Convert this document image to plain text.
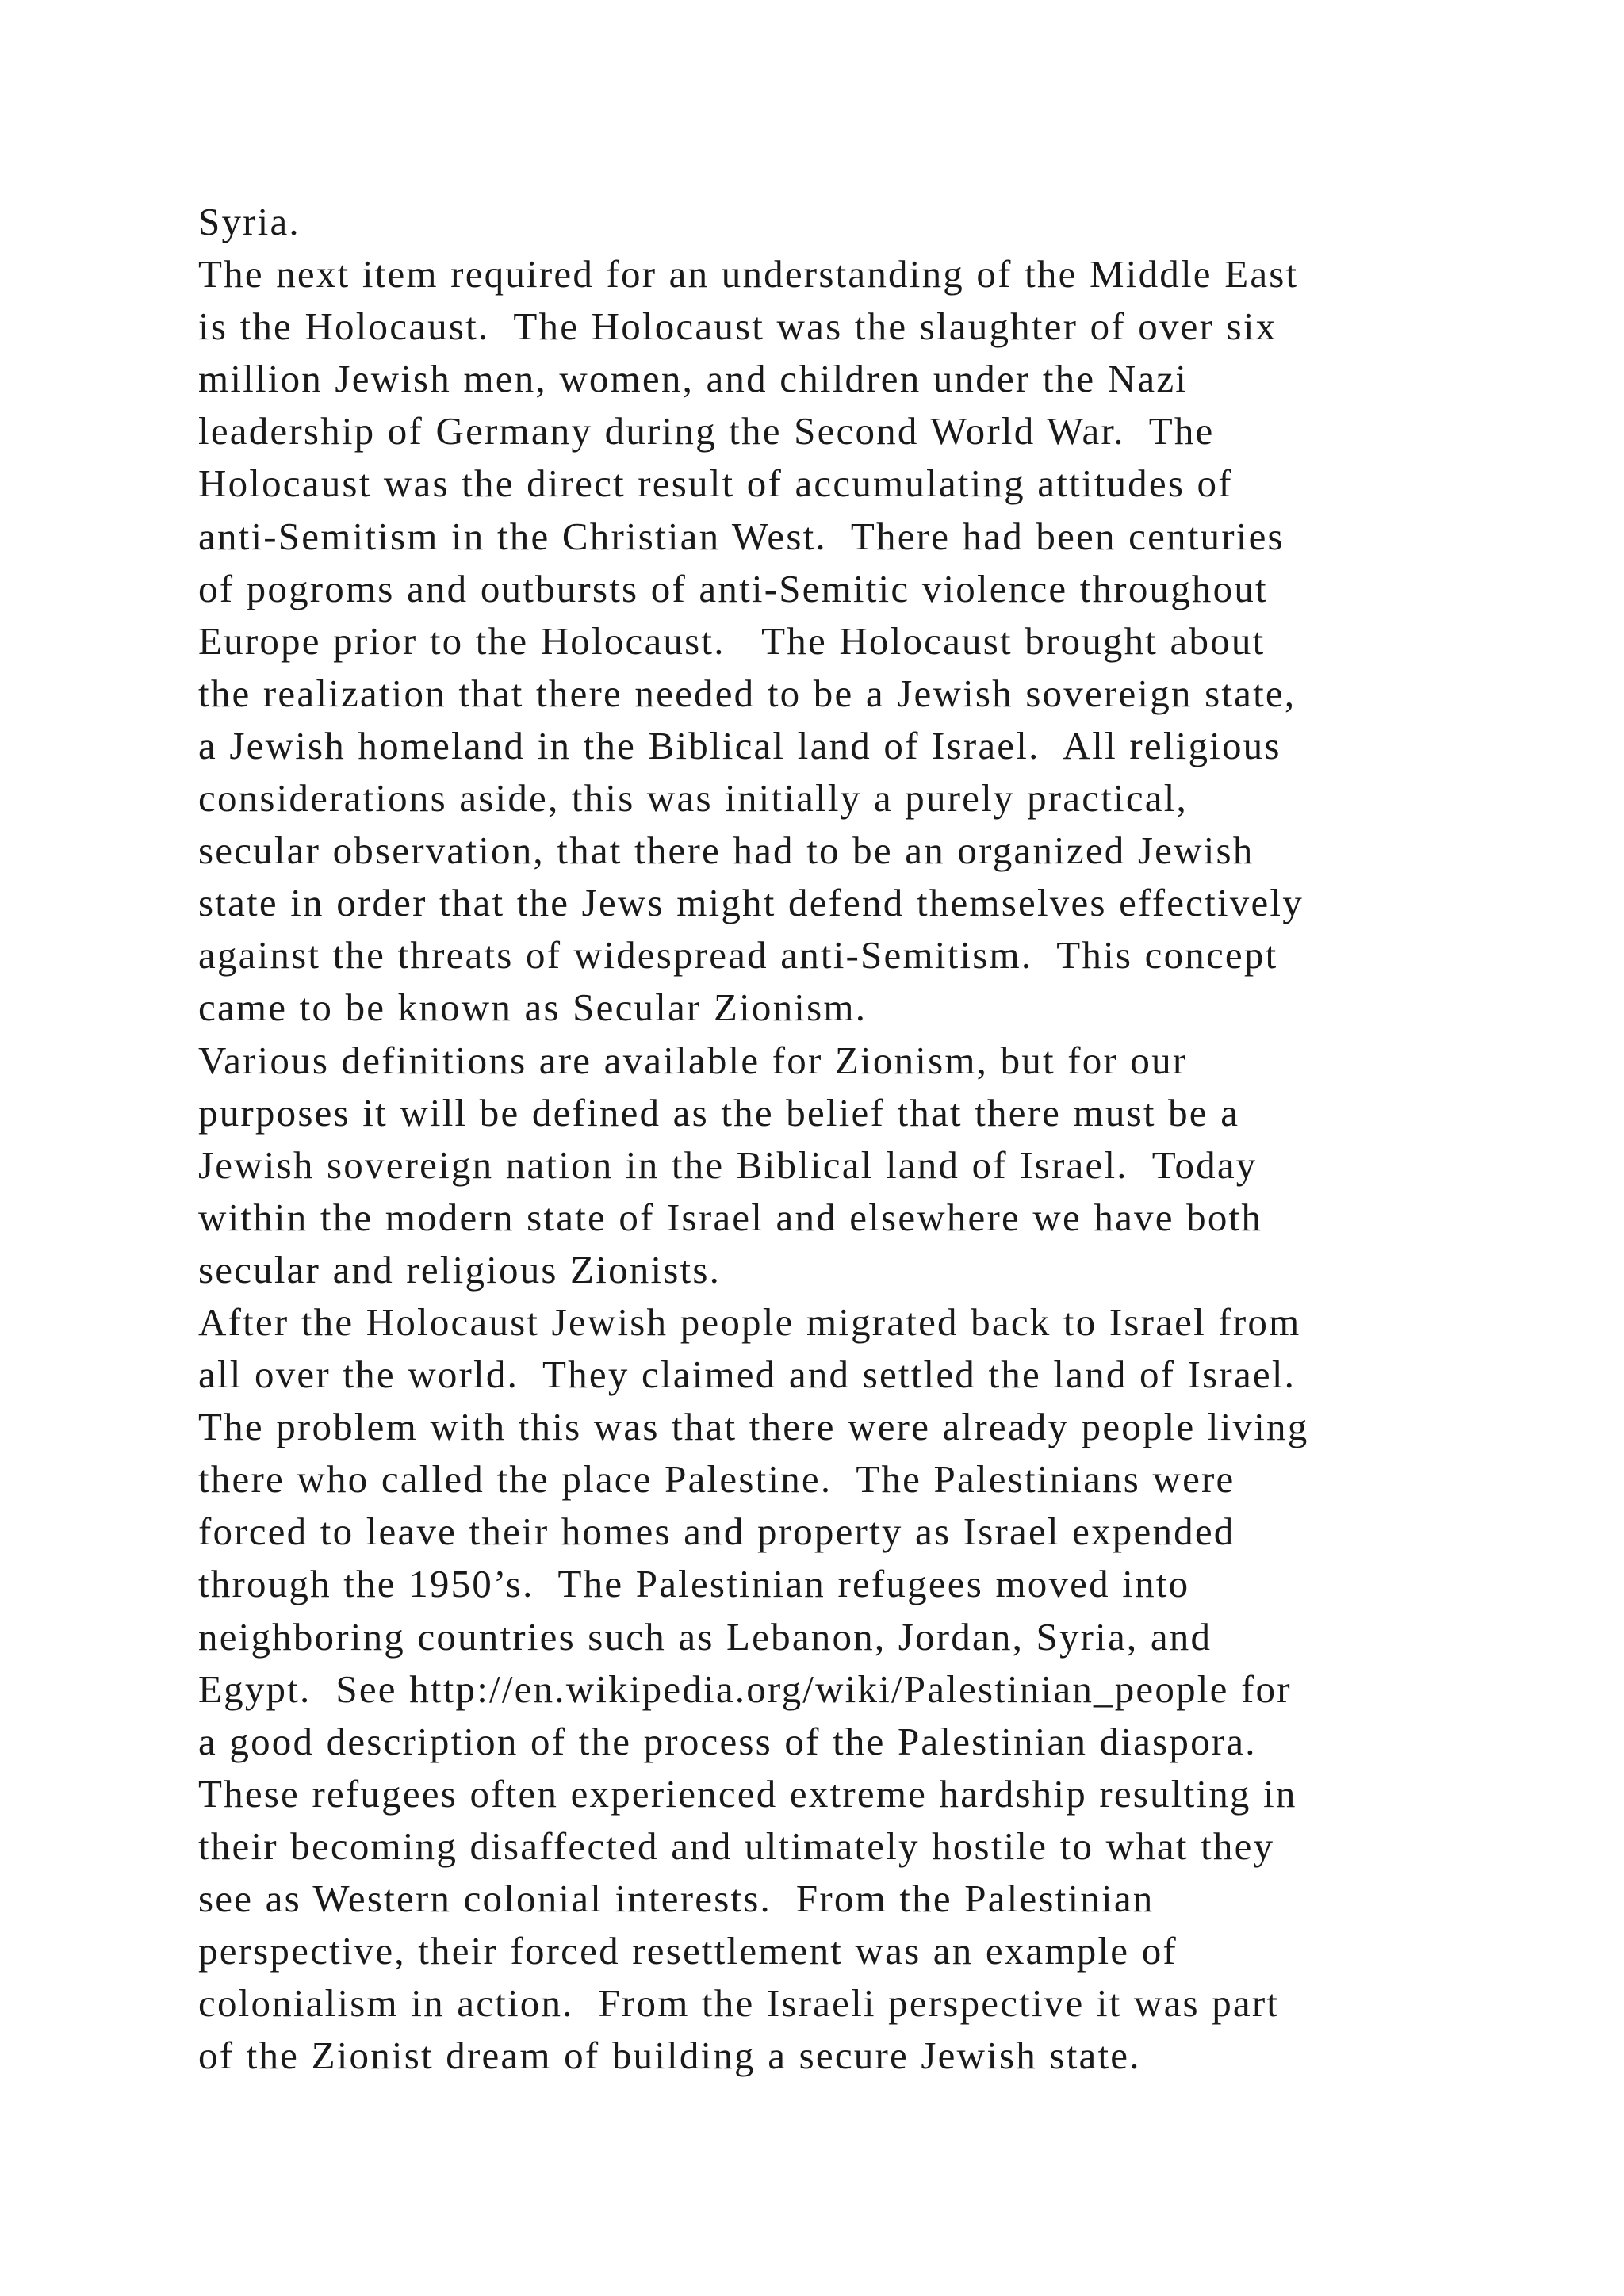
Syria.
The next item required for an understanding of the Middle East
is the Holocaust.  The Holocaust was the slaughter of over six
million Jewish men, women, and children under the Nazi
leadership of Germany during the Second World War.  The
Holocaust was the direct result of accumulating attitudes of
anti-Semitism in the Christian West.  There had been centuries
of pogroms and outbursts of anti-Semitic violence throughout
Europe prior to the Holocaust.   The Holocaust brought about
the realization that there needed to be a Jewish sovereign state,
a Jewish homeland in the Biblical land of Israel.  All religious
considerations aside, this was initially a purely practical,
secular observation, that there had to be an organized Jewish
state in order that the Jews might defend themselves effectively
against the threats of widespread anti-Semitism.  This concept
came to be known as Secular Zionism.
Various definitions are available for Zionism, but for our
purposes it will be defined as the belief that there must be a
Jewish sovereign nation in the Biblical land of Israel.  Today
within the modern state of Israel and elsewhere we have both
secular and religious Zionists.
After the Holocaust Jewish people migrated back to Israel from
all over the world.  They claimed and settled the land of Israel.
The problem with this was that there were already people living
there who called the place Palestine.  The Palestinians were
forced to leave their homes and property as Israel expended
through the 1950’s.  The Palestinian refugees moved into
neighboring countries such as Lebanon, Jordan, Syria, and
Egypt.  See http://en.wikipedia.org/wiki/Palestinian_people for
a good description of the process of the Palestinian diaspora.
These refugees often experienced extreme hardship resulting in
their becoming disaffected and ultimately hostile to what they
see as Western colonial interests.  From the Palestinian
perspective, their forced resettlement was an example of
colonialism in action.  From the Israeli perspective it was part
of the Zionist dream of building a secure Jewish state.
